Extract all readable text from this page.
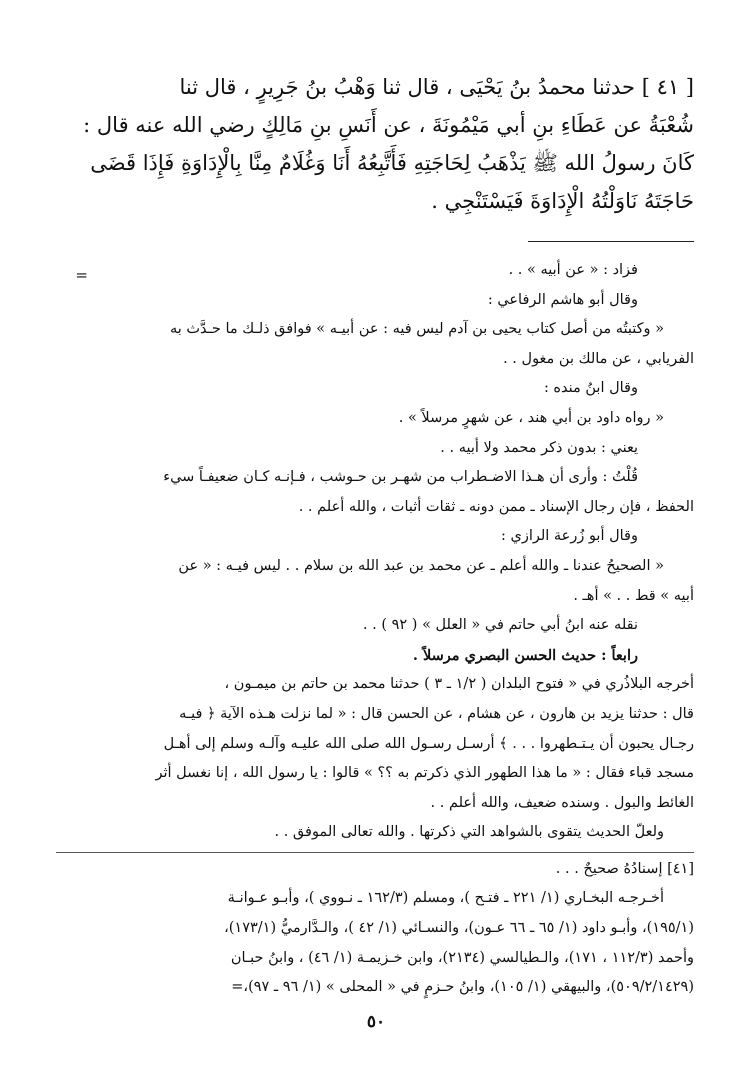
[ ٤١ ] حدثنا محمدُ بنُ يَحْيَى ، قال ثنا وَهْبُ بنُ جَرِيرٍ ، قال ثنا

شُعْبَةُ عن عَطَاءِ بنِ أبي مَيْمُونَةَ ، عن أَنَسِ بنِ مَالِكٍ رضي الله عنه قال :

كَانَ رسولُ الله ﷺ يَذْهَبُ لِحَاجَتِهِ فَأَتَّبِعُهُ أَنَا وَغُلَامٌ مِنَّا بِالْإِدَاوَةِ فَإِذَا قَضَى

حَاجَتَهُ نَاوَلْتُهُ الْإِدَاوَةَ فَيَسْتَنْجِي .

=	فزاد : « عن أبيه » . .

وقال أبو هاشم الرفاعي :

« وكتبتُه من أصل كتاب يحيى بن آدم ليس فيه : عن أبيـه » فوافق ذلـك ما حـدَّث به

الفريابي ، عن مالك بن مغول . .

وقال ابنُ منده :

« رواه داود بن أبي هند ، عن شهرٍ مرسلاً » .

يعني : بدون ذكر محمد ولا أبيه . .

قُلْتُ : وأرى أن هـذا الاضـطراب من شهـر بن حـوشب ، فـإنـه كـان ضعيفـاً سيء

الحفظ ، فإن رجال الإسناد ـ ممن دونه ـ ثقات أثبات ، والله أعلم . .

وقال أبو زُرعة الرازي :

« الصحيحُ عندنا ـ والله أعلم ـ عن محمد بن عبد الله بن سلام . . ليس فيـه : « عن

أبيه » قط . . » أهـ .

نقله عنه ابنُ أبي حاتم في « العلل » ( ٩٢ ) . .

رابعاً : حديث الحسن البصري مرسلاً .

أخرجه البلاذُري في « فتوح البلدان ( ١/٢ ـ ٣ ) حدثنا محمد بن حاتم بن ميمـون ،

قال : حدثنا يزيد بن هارون ، عن هشام ، عن الحسن قال : « لما نزلت هـذه الآية ﴿ فيـه

رجـال يحبون أن يـتـطهروا . . . ﴾ أرسـل رسـول الله صلى الله عليـه وآلـه وسلم إلى أهـل

مسجد قباء فقال : « ما هذا الطهور الذي ذكرتم به ؟؟ » قالوا : يا رسول الله ، إنا نغسل أثر

الغائط والبول . وسنده ضعيف، والله أعلم . .

ولعلّ الحديث يتقوى بالشواهد التي ذكرتها . والله تعالى الموفق . .

[٤١] إسنادُهُ صحيحٌ . . .

أخـرجـه البخـاري (١/ ٢٢١ ـ فتـح )، ومسلم (١٦٢/٣ ـ نـووي )، وأبـو عـوانـة

(١٩٥/١)، وأبـو داود (١/ ٦٥ ـ ٦٦ عـون)، والنسـائي (١/ ٤٢ )، والـدَّارميُّ (١٧٣/١)،

وأحمد (١١٢/٣ ، ١٧١)، والـطيالسي (٢١٣٤)، وابن خـزيمـة (١/ ٤٦) ، وابنُ حبـان

(٥٠٩/٢/١٤٢٩)، والبيهقي (١/ ١٠٥)، وابنُ حـزمٍ في « المحلى » (١/ ٩٦ ـ ٩٧)،=

٥٠
